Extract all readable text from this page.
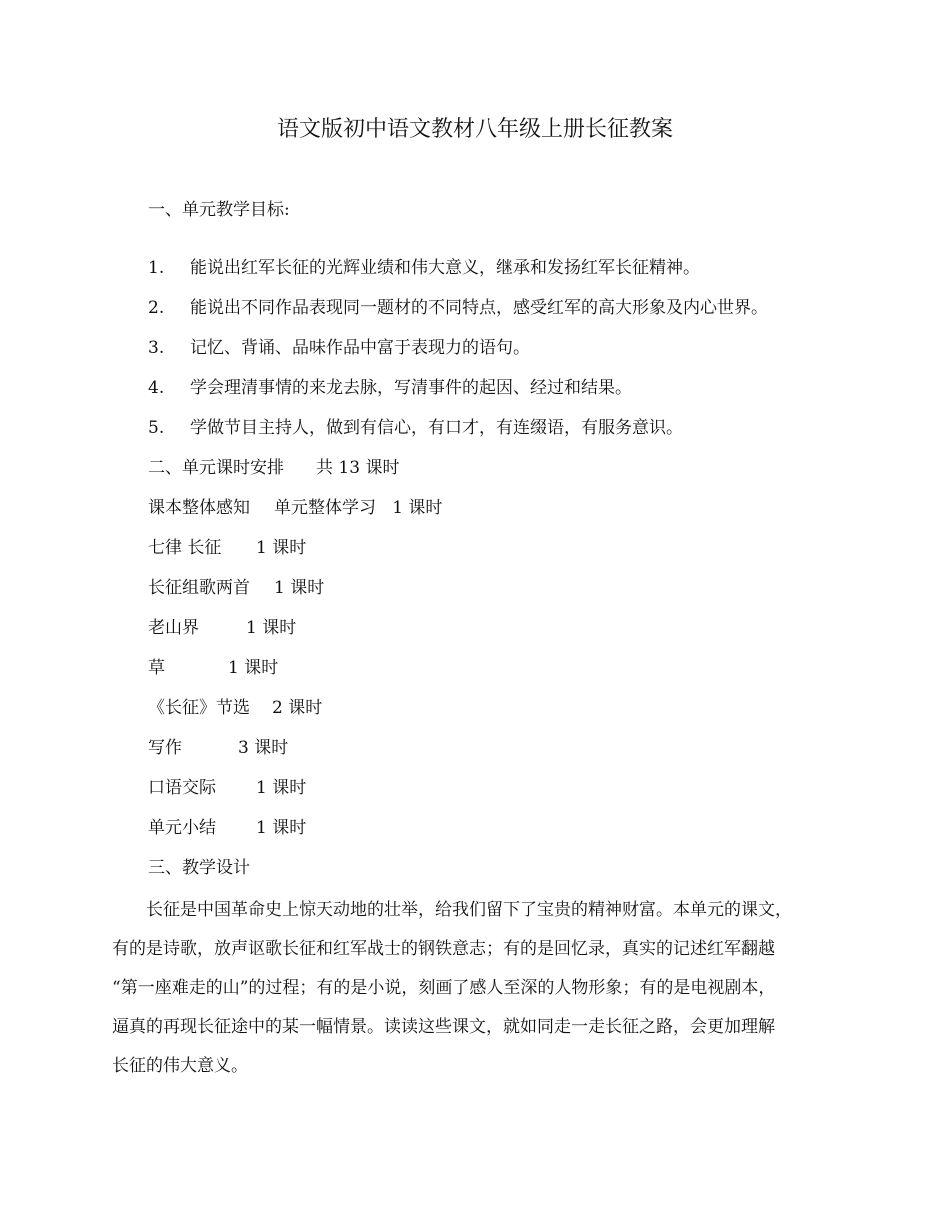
语文版初中语文教材八年级上册长征教案
一、单元教学目标:
1. 能说出红军长征的光辉业绩和伟大意义，继承和发扬红军长征精神。
2. 能说出不同作品表现同一题材的不同特点，感受红军的高大形象及内心世界。
3. 记忆、背诵、品味作品中富于表现力的语句。
4. 学会理清事情的来龙去脉，写清事件的起因、经过和结果。
5. 学做节目主持人，做到有信心，有口才，有连缀语，有服务意识。
二、单元课时安排 共 13 课时
课本整体感知 单元整体学习   1 课时
七律 长征 1 课时
长征组歌两首 1 课时
老山界	1 课时
草	1 课时
《长征》节选 2 课时
写作	3 课时
口语交际 1 课时
单元小结 1 课时
三、教学设计
　　长征是中国革命史上惊天动地的壮举，给我们留下了宝贵的精神财富。本单元的课文，
有的是诗歌，放声讴歌长征和红军战士的钢铁意志；有的是回忆录，真实的记述红军翻越
“第一座难走的山”的过程；有的是小说，刻画了感人至深的人物形象；有的是电视剧本，
逼真的再现长征途中的某一幅情景。读读这些课文，就如同走一走长征之路，会更加理解
长征的伟大意义。
